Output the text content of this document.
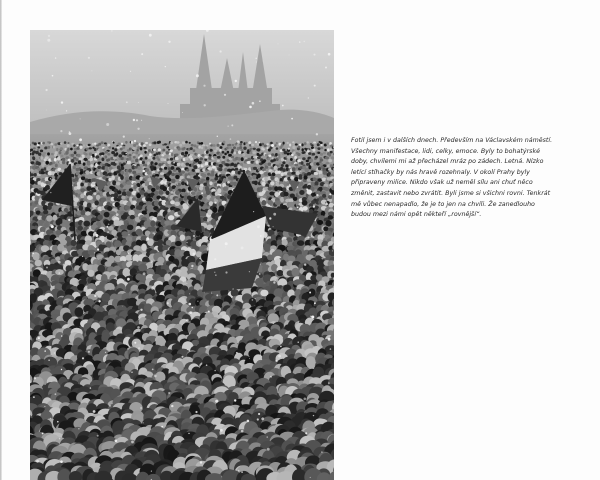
Fotil jsem i v dalších dnech. Především na Václavském náměstí. Všechny manifestace, lidi, celky, emoce. Byly to bohatýrské doby, chvílemi mi až přecházel mráz po zádech. Letná. Nízko letící stíhačky by nás hravě rozehnaly. V okolí Prahy byly připraveny milice. Nikdo však už neměl sílu ani chuť něco změnit, zastavit nebo zvrátit. Byli jsme si všichni rovni. Tenkrát mě vůbec nenapadlo, že je to jen na chvíli. Že zanedlouho budou mezi námi opět někteří „rovnější“.
